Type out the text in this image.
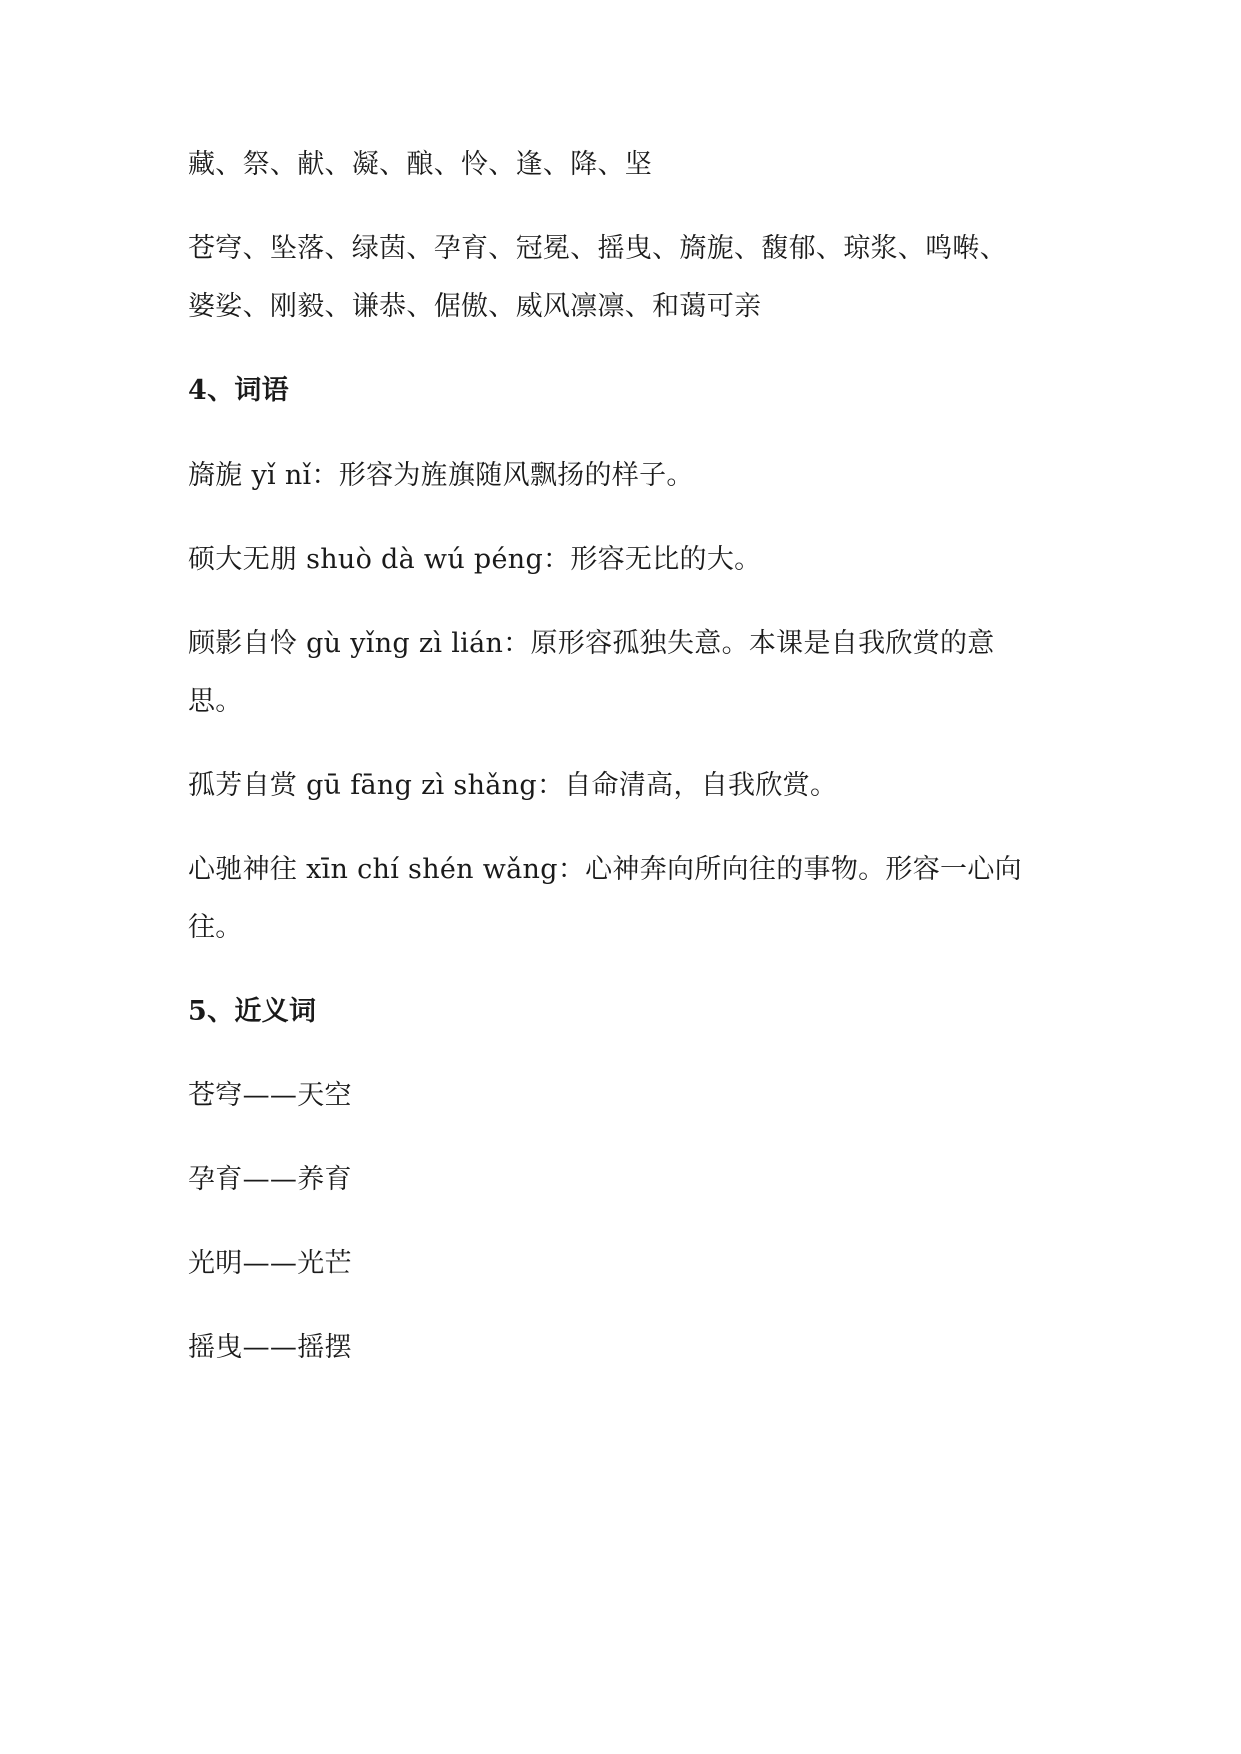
藏、祭、献、凝、酿、怜、逢、降、坚
苍穹、坠落、绿茵、孕育、冠冕、摇曳、旖旎、馥郁、琼浆、鸣啭、
婆娑、刚毅、谦恭、倨傲、威风凛凛、和蔼可亲
4、词语
旖旎 yǐ nǐ：形容为旌旗随风飘扬的样子。
硕大无朋 shuò dà wú péng：形容无比的大。
顾影自怜 gù yǐng zì lián：原形容孤独失意。本课是自我欣赏的意
思。
孤芳自赏 gū fāng zì shǎng：自命清高，自我欣赏。
心驰神往 xīn chí shén wǎng：心神奔向所向往的事物。形容一心向
往。
5、近义词
苍穹——天空
孕育——养育
光明——光芒
摇曳——摇摆
